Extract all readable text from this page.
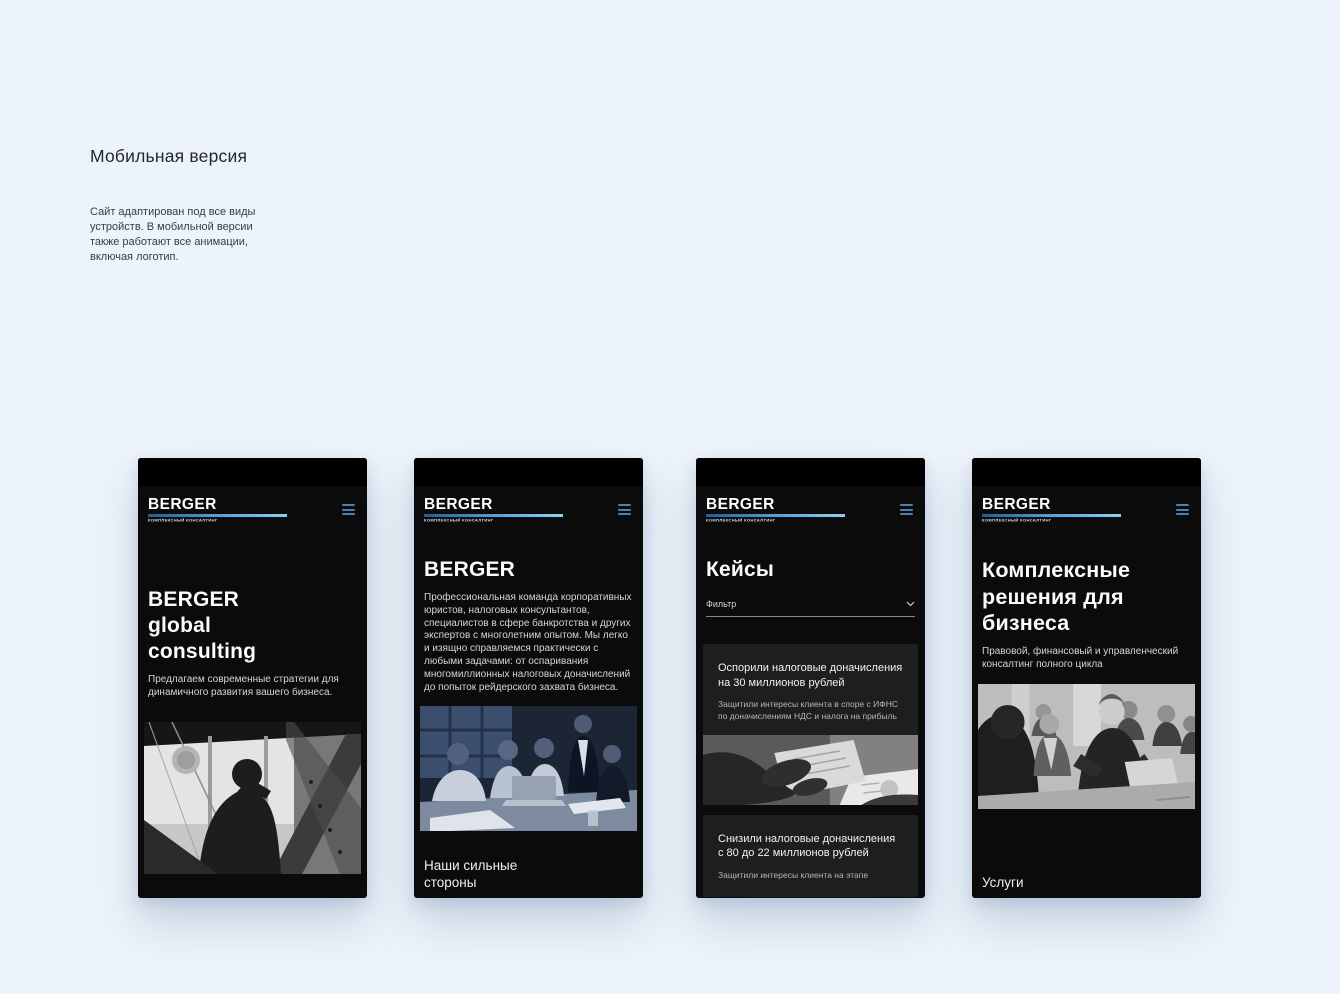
Мобильная версия

Сайт адаптирован под все виды устройств. В мобильной версии также работают все анимации, включая логотип.

BERGER
КОМПЛЕКСНЫЙ КОНСАЛТИНГ
BERGER
global
consulting

Предлагаем современные стратегии для динамичного развития вашего бизнеса.

BERGER
КОМПЛЕКСНЫЙ КОНСАЛТИНГ
BERGER

Профессиональная команда корпоративных юристов, налоговых консультантов, специалистов в сфере банкротства и других экспертов с многолетним опытом. Мы легко и изящно справляемся практически с любыми задачами: от оспаривания многомиллионных налоговых доначислений до попыток рейдерского захвата бизнеса.

Наши сильные стороны
BERGER
КОМПЛЕКСНЫЙ КОНСАЛТИНГ
Кейсы
Фильтр
Оспорили налоговые доначисления на 30 миллионов рублей
Защитили интересы клиента в споре с ИФНС по доначислениям НДС и налога на прибыль
Снизили налоговые доначисления с 80 до 22 миллионов рублей
Защитили интересы клиента на этапе
BERGER
КОМПЛЕКСНЫЙ КОНСАЛТИНГ
Комплексные решения для бизнеса

Правовой, финансовый и управленческий консалтинг полного цикла

Услуги
